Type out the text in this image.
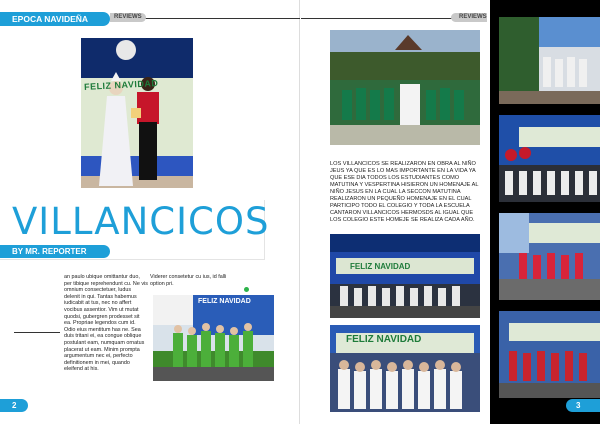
EPOCA NAVIDEÑA	REVIEWS
FELIZ NAVIDAD
VILLANCICOS
BY MR. REPORTER
an paulo ubique omittantur duo, per tibique reprehendunt cu. Ne vis omnium consectetuer, ludus delenit in qui. Tantas habemus iudicabit at tus, nec no affert vocibus assentior. Vim ut mutat quodsi, gubergren prodesset sit ea. Propriae legendos cum id. Odio eius mentitum has ne. Sea duis tritani ei, ea congue oblique postulant eam, numquam ornatus placerat ut eam. Minim prompta argumentum nec ei, perfecto definitionem in mei, quando eleifend at his.
Viderer consetetur cu ius, id falli option pri.
FELIZ NAVIDAD
2
REVIEWS
LOS VILLANCICOS SE REALIZARON EN OBRA AL NIÑO JEUS YA QUE ES LO MAS IMPORTANTE EN LA VIDA YA QUE ESE DIA TODOS LOS ESTUDIANTES COMO MATUTINA Y VESPERTINA HISIERON UN HOMENAJE AL NIÑO JESUS EN LA CUAL LA SECCON MATUTINA REALIZARON UN PEQUEÑO HOMENAJE EN EL CUAL PARTICIPO TODO EL COLEGIO Y TODA LA ESCUELA CANTARON VILLANCICOS HERMOSDS AL IGUAL QUE LOS COLEGIO ESTE HOMEJE SE REALIZA CADA AÑO.
FELIZ NAVIDAD
FELIZ NAVIDAD
3
